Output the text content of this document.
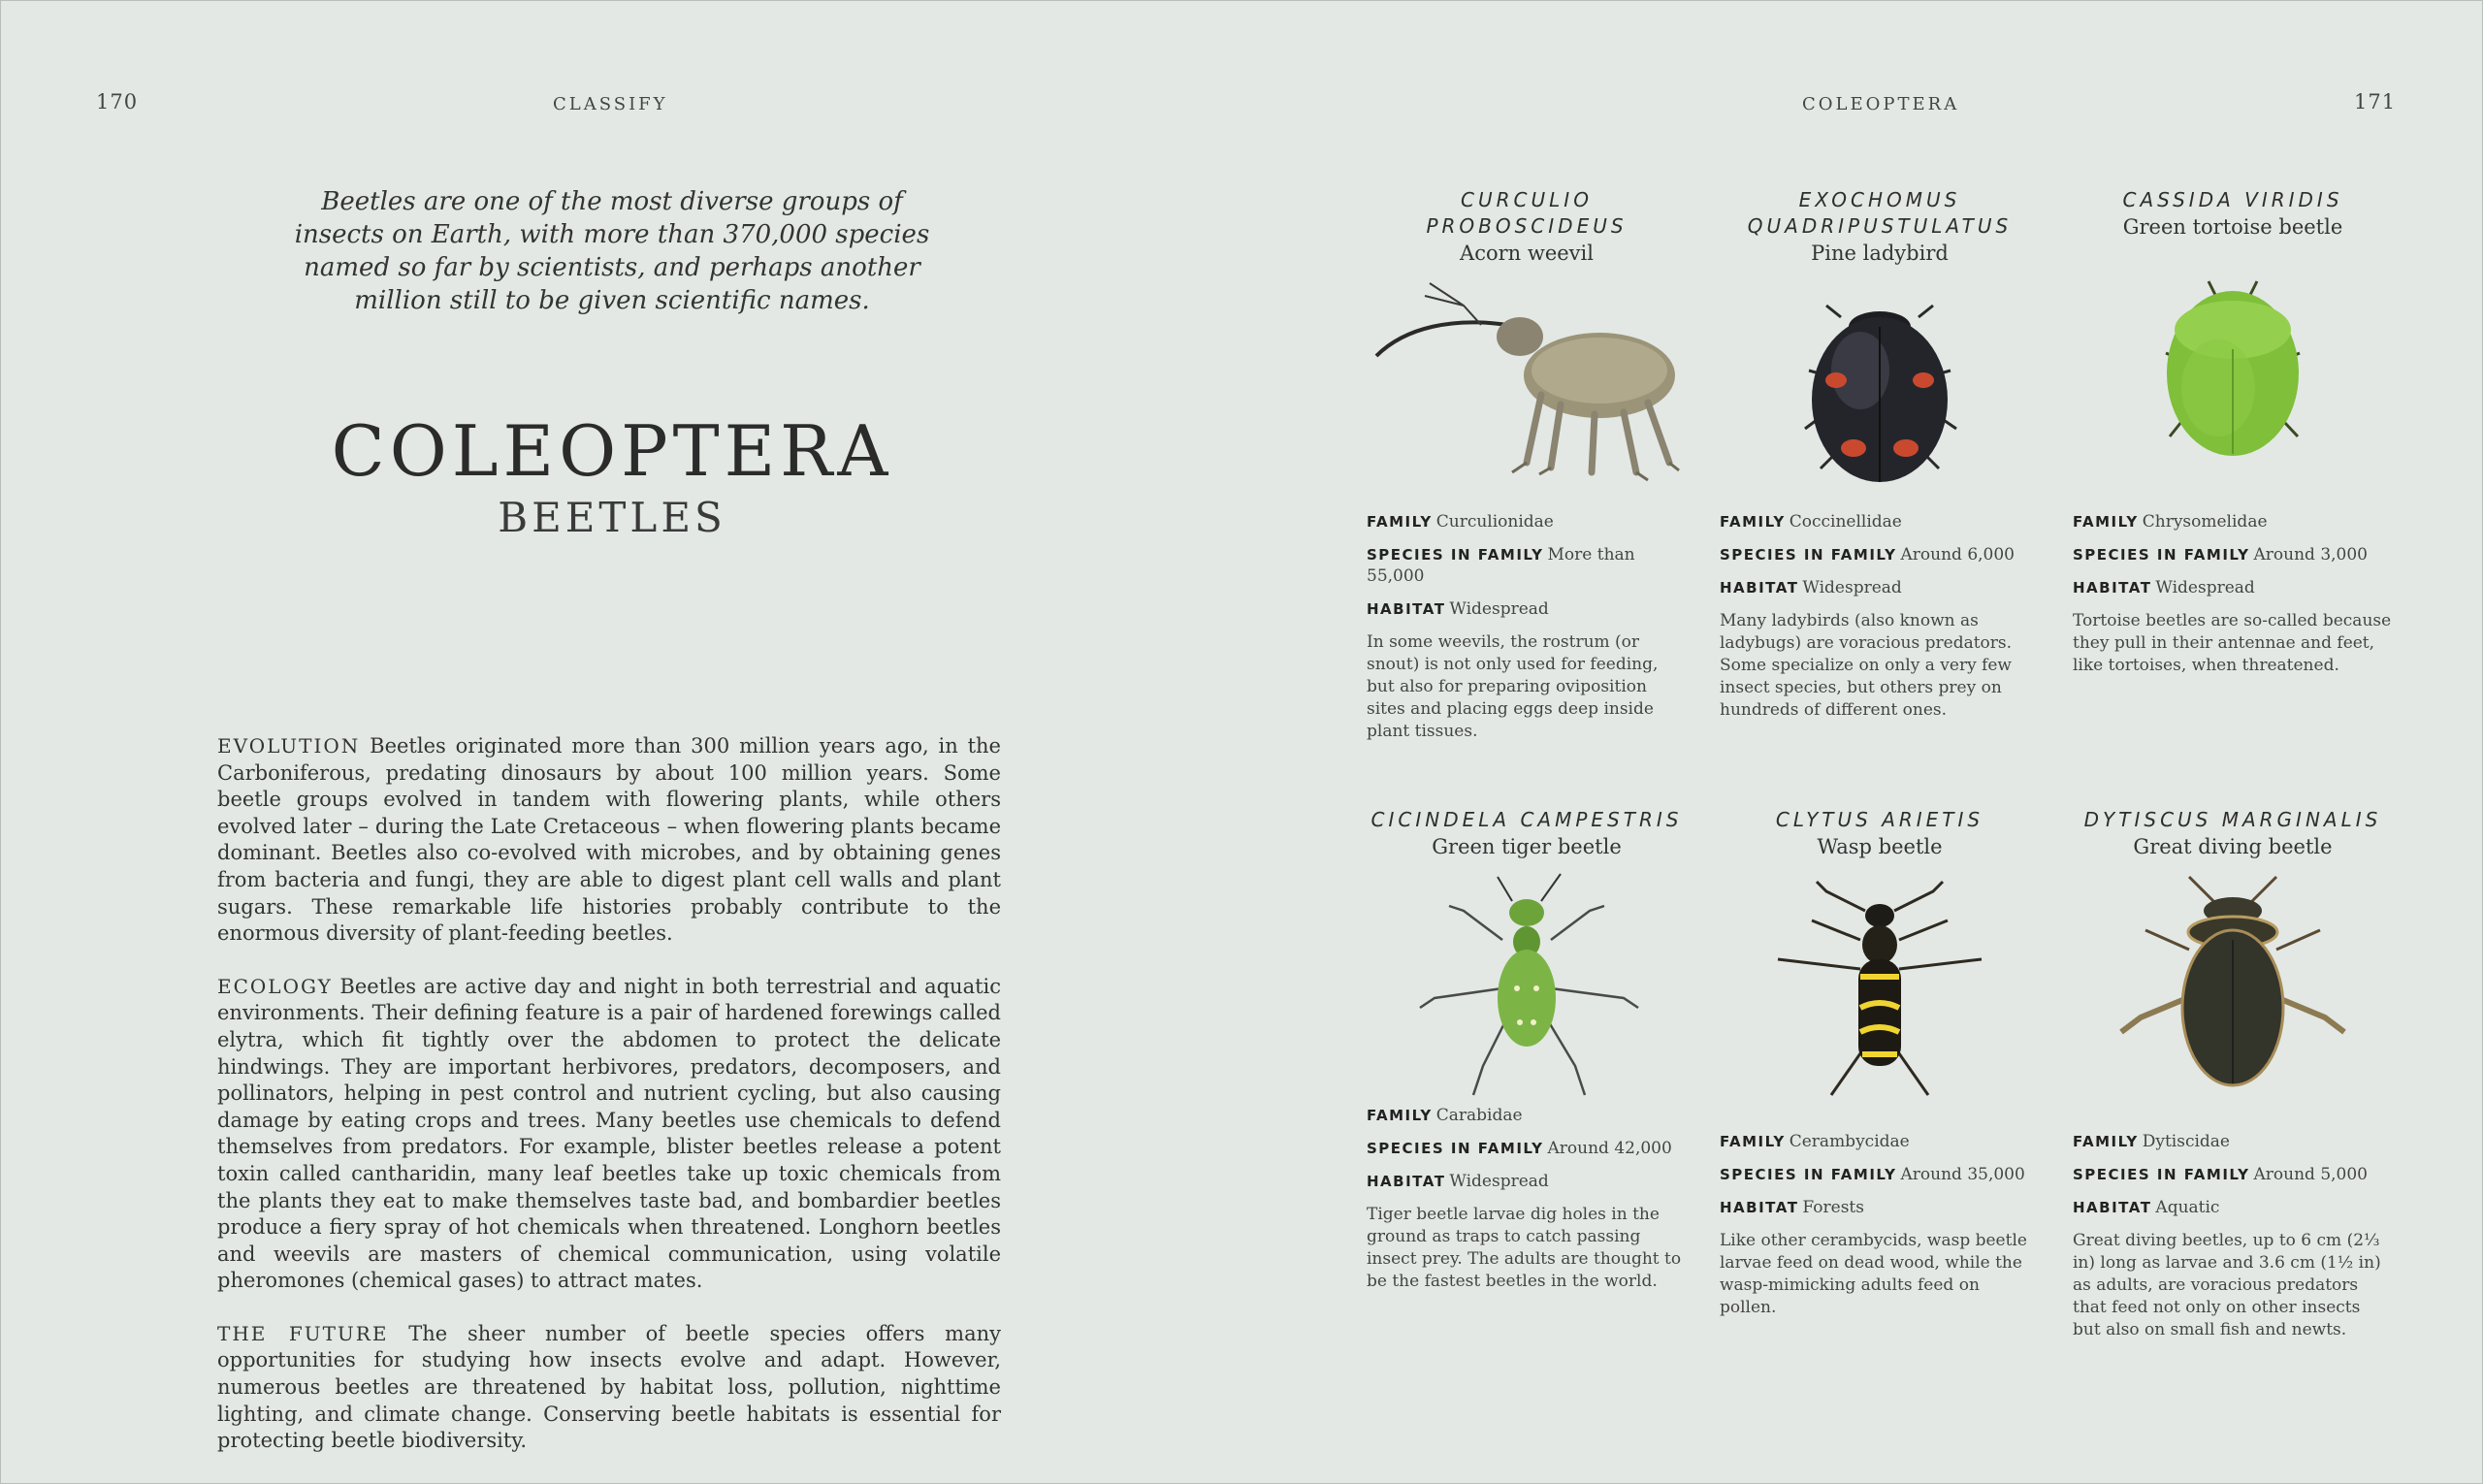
170	CLASSIFY
Beetles are one of the most diverse groups of insects on Earth, with more than 370,000 species named so far by scientists, and perhaps another million still to be given scientific names.
COLEOPTERA
BEETLES

EVOLUTION Beetles originated more than 300 million years ago, in the Carboniferous, predating dinosaurs by about 100 million years. Some beetle groups evolved in tandem with flowering plants, while others evolved later – during the Late Cretaceous – when flowering plants became dominant. Beetles also co-evolved with microbes, and by obtaining genes from bacteria and fungi, they are able to digest plant cell walls and plant sugars. These remarkable life histories probably contribute to the enormous diversity of plant-feeding beetles.

ECOLOGY Beetles are active day and night in both terrestrial and aquatic environments. Their defining feature is a pair of hardened forewings called elytra, which fit tightly over the abdomen to protect the delicate hindwings. They are important herbivores, predators, decomposers, and pollinators, helping in pest control and nutrient cycling, but also causing damage by eating crops and trees. Many beetles use chemicals to defend themselves from predators. For example, blister beetles release a potent toxin called cantharidin, many leaf beetles take up toxic chemicals from the plants they eat to make themselves taste bad, and bombardier beetles produce a fiery spray of hot chemicals when threatened. Longhorn beetles and weevils are masters of chemical communication, using volatile pheromones (chemical gases) to attract mates.

THE FUTURE The sheer number of beetle species offers many opportunities for studying how insects evolve and adapt. However, numerous beetles are threatened by habitat loss, pollution, nighttime lighting, and climate change. Conserving beetle habitats is essential for protecting beetle biodiversity.

COLEOPTERA	171
CURCULIO PROBOSCIDEUS
Acorn weevil
FAMILY Curculionidae
SPECIES IN FAMILY More than 55,000
HABITAT Widespread
In some weevils, the rostrum (or snout) is not only used for feeding, but also for preparing oviposition sites and placing eggs deep inside plant tissues.
EXOCHOMUS QUADRIPUSTULATUS
Pine ladybird
FAMILY Coccinellidae
SPECIES IN FAMILY Around 6,000
HABITAT Widespread
Many ladybirds (also known as ladybugs) are voracious predators. Some specialize on only a very few insect species, but others prey on hundreds of different ones.
CASSIDA VIRIDIS
Green tortoise beetle
FAMILY Chrysomelidae
SPECIES IN FAMILY Around 3,000
HABITAT Widespread
Tortoise beetles are so-called because they pull in their antennae and feet, like tortoises, when threatened.
CICINDELA CAMPESTRIS
Green tiger beetle
FAMILY Carabidae
SPECIES IN FAMILY Around 42,000
HABITAT Widespread
Tiger beetle larvae dig holes in the ground as traps to catch passing insect prey. The adults are thought to be the fastest beetles in the world.
CLYTUS ARIETIS
Wasp beetle
FAMILY Cerambycidae
SPECIES IN FAMILY Around 35,000
HABITAT Forests
Like other cerambycids, wasp beetle larvae feed on dead wood, while the wasp-mimicking adults feed on pollen.
DYTISCUS MARGINALIS
Great diving beetle
FAMILY Dytiscidae
SPECIES IN FAMILY Around 5,000
HABITAT Aquatic
Great diving beetles, up to 6 cm (2⅓ in) long as larvae and 3.6 cm (1½ in) as adults, are voracious predators that feed not only on other insects but also on small fish and newts.
